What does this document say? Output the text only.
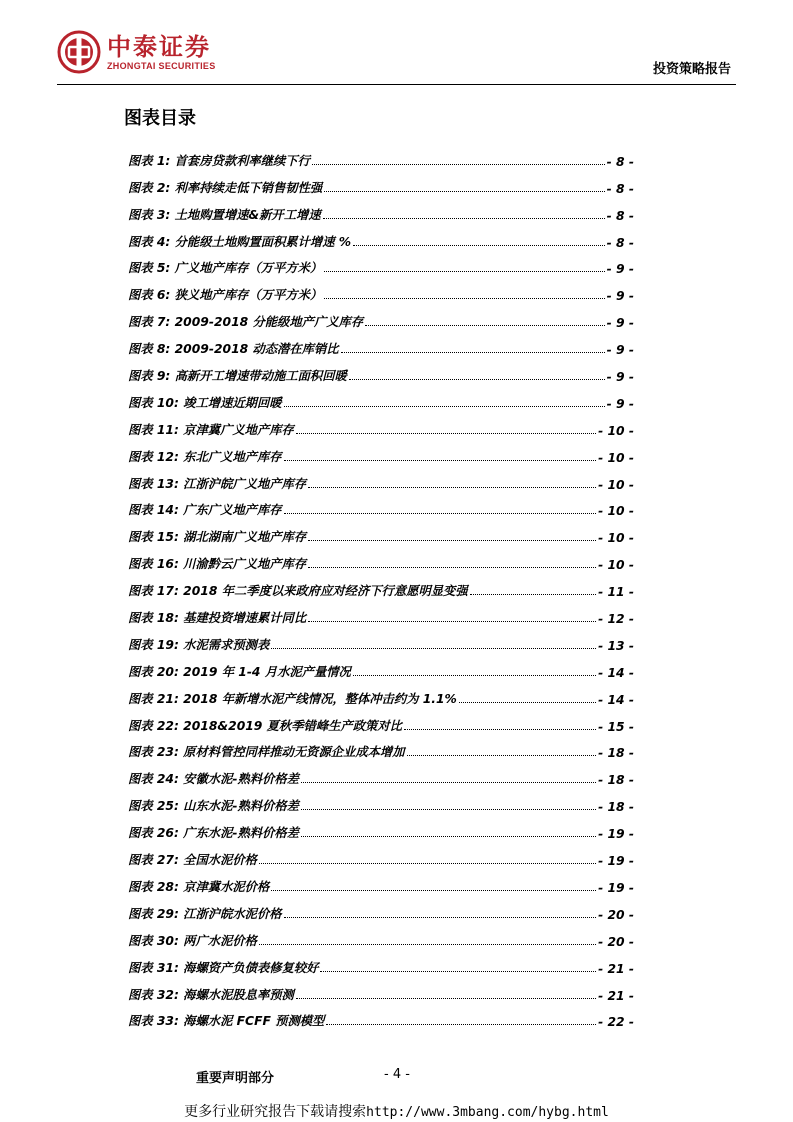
中泰证券
ZHONGTAI SECURITIES	投资策略报告
图表目录
图表 1: 首套房贷款利率继续下行	- 8 -
图表 2: 利率持续走低下销售韧性强	- 8 -
图表 3: 土地购置增速&新开工增速	- 8 -
图表 4: 分能级土地购置面积累计增速 %	- 8 -
图表 5: 广义地产库存（万平方米）	- 9 -
图表 6: 狭义地产库存（万平方米）	- 9 -
图表 7: 2009-2018 分能级地产广义库存	- 9 -
图表 8: 2009-2018 动态潜在库销比	- 9 -
图表 9: 高新开工增速带动施工面积回暖	- 9 -
图表 10: 竣工增速近期回暖	- 9 -
图表 11: 京津冀广义地产库存	- 10 -
图表 12: 东北广义地产库存	- 10 -
图表 13: 江浙沪皖广义地产库存	- 10 -
图表 14: 广东广义地产库存	- 10 -
图表 15: 湖北湖南广义地产库存	- 10 -
图表 16: 川渝黔云广义地产库存	- 10 -
图表 17: 2018 年二季度以来政府应对经济下行意愿明显变强	- 11 -
图表 18: 基建投资增速累计同比	- 12 -
图表 19: 水泥需求预测表	- 13 -
图表 20: 2019 年 1-4 月水泥产量情况	- 14 -
图表 21: 2018 年新增水泥产线情况，整体冲击约为 1.1%	- 14 -
图表 22: 2018&2019 夏秋季错峰生产政策对比	- 15 -
图表 23: 原材料管控同样推动无资源企业成本增加	- 18 -
图表 24: 安徽水泥-熟料价格差	- 18 -
图表 25: 山东水泥-熟料价格差	- 18 -
图表 26: 广东水泥-熟料价格差	- 19 -
图表 27: 全国水泥价格	- 19 -
图表 28: 京津冀水泥价格	- 19 -
图表 29: 江浙沪皖水泥价格	- 20 -
图表 30: 两广水泥价格	- 20 -
图表 31: 海螺资产负债表修复较好	- 21 -
图表 32: 海螺水泥股息率预测	- 21 -
图表 33: 海螺水泥 FCFF 预测模型	- 22 -
重要声明部分	- 4 -
更多行业研究报告下载请搜索http://www.3mbang.com/hybg.html
